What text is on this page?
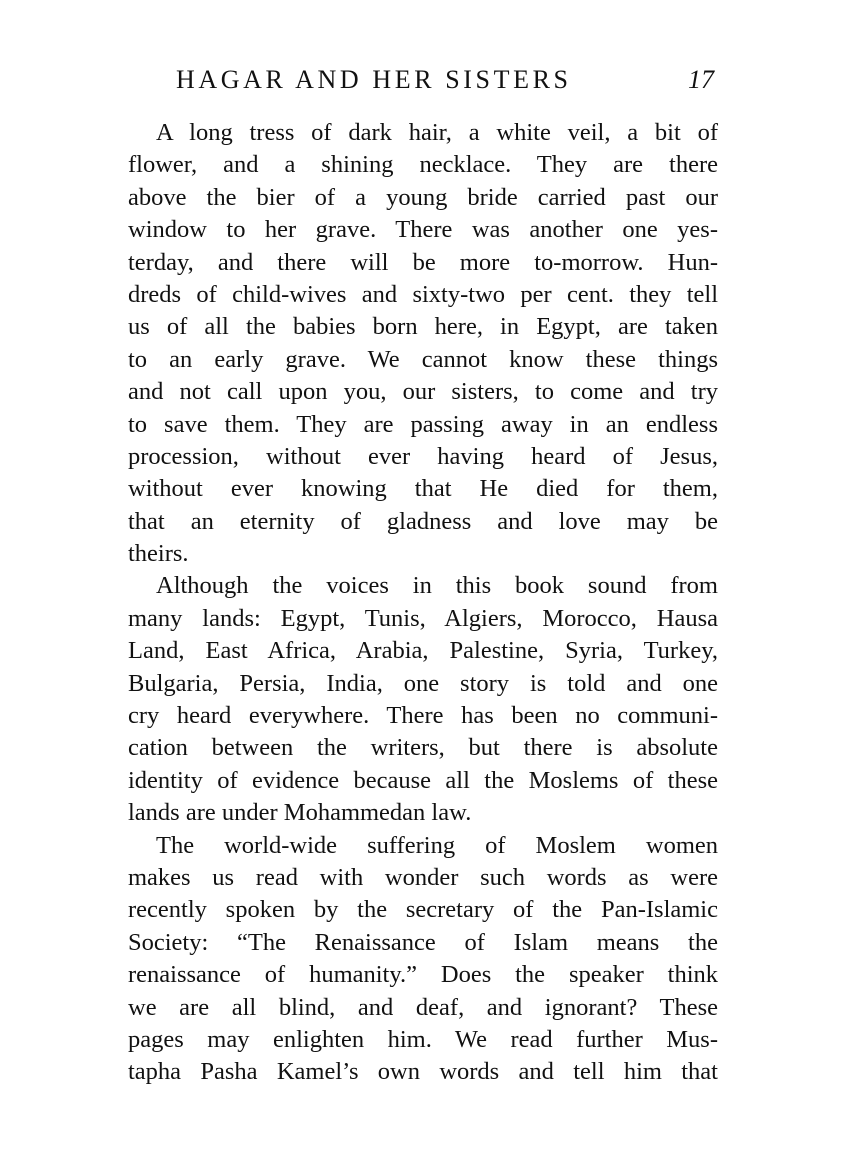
HAGAR AND HER SISTERS	17
A long tress of dark hair, a white veil, a bit of
flower, and a shining necklace. They are there
above the bier of a young bride carried past our
window to her grave. There was another one yes-
terday, and there will be more to-morrow. Hun-
dreds of child-wives and sixty-two per cent. they tell
us of all the babies born here, in Egypt, are taken
to an early grave. We cannot know these things
and not call upon you, our sisters, to come and try
to save them. They are passing away in an endless
procession, without ever having heard of Jesus,
without ever knowing that He died for them,
that an eternity of gladness and love may be
theirs.
Although the voices in this book sound from
many lands: Egypt, Tunis, Algiers, Morocco, Hausa
Land, East Africa, Arabia, Palestine, Syria, Turkey,
Bulgaria, Persia, India, one story is told and one
cry heard everywhere. There has been no communi-
cation between the writers, but there is absolute
identity of evidence because all the Moslems of these
lands are under Mohammedan law.
The world-wide suffering of Moslem women
makes us read with wonder such words as were
recently spoken by the secretary of the Pan-Islamic
Society: “The Renaissance of Islam means the
renaissance of humanity.” Does the speaker think
we are all blind, and deaf, and ignorant? These
pages may enlighten him. We read further Mus-
tapha Pasha Kamel’s own words and tell him that
